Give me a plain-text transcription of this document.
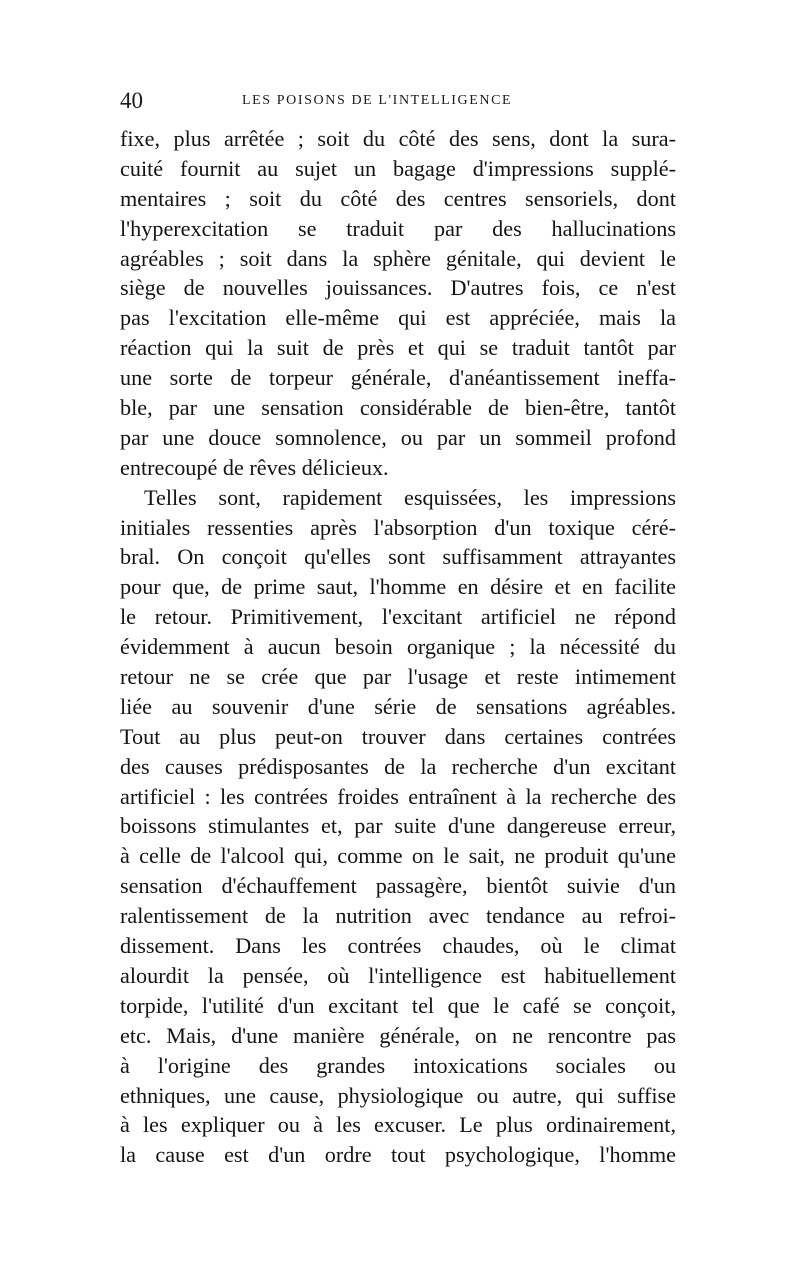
40	LES POISONS DE L'INTELLIGENCE
fixe, plus arrêtée ; soit du côté des sens, dont la sura-
cuité fournit au sujet un bagage d'impressions supplé-
mentaires ; soit du côté des centres sensoriels, dont
l'hyperexcitation se traduit par des hallucinations
agréables ; soit dans la sphère génitale, qui devient le
siège de nouvelles jouissances. D'autres fois, ce n'est
pas l'excitation elle-même qui est appréciée, mais la
réaction qui la suit de près et qui se traduit tantôt par
une sorte de torpeur générale, d'anéantissement ineffa-
ble, par une sensation considérable de bien-être, tantôt
par une douce somnolence, ou par un sommeil profond
entrecoupé de rêves délicieux.
Telles sont, rapidement esquissées, les impressions
initiales ressenties après l'absorption d'un toxique céré-
bral. On conçoit qu'elles sont suffisamment attrayantes
pour que, de prime saut, l'homme en désire et en facilite
le retour. Primitivement, l'excitant artificiel ne répond
évidemment à aucun besoin organique ; la nécessité du
retour ne se crée que par l'usage et reste intimement
liée au souvenir d'une série de sensations agréables.
Tout au plus peut-on trouver dans certaines contrées
des causes prédisposantes de la recherche d'un excitant
artificiel : les contrées froides entraînent à la recherche des
boissons stimulantes et, par suite d'une dangereuse erreur,
à celle de l'alcool qui, comme on le sait, ne produit qu'une
sensation d'échauffement passagère, bientôt suivie d'un
ralentissement de la nutrition avec tendance au refroi-
dissement. Dans les contrées chaudes, où le climat
alourdit la pensée, où l'intelligence est habituellement
torpide, l'utilité d'un excitant tel que le café se conçoit,
etc. Mais, d'une manière générale, on ne rencontre pas
à l'origine des grandes intoxications sociales ou
ethniques, une cause, physiologique ou autre, qui suffise
à les expliquer ou à les excuser. Le plus ordinairement,
la cause est d'un ordre tout psychologique, l'homme
